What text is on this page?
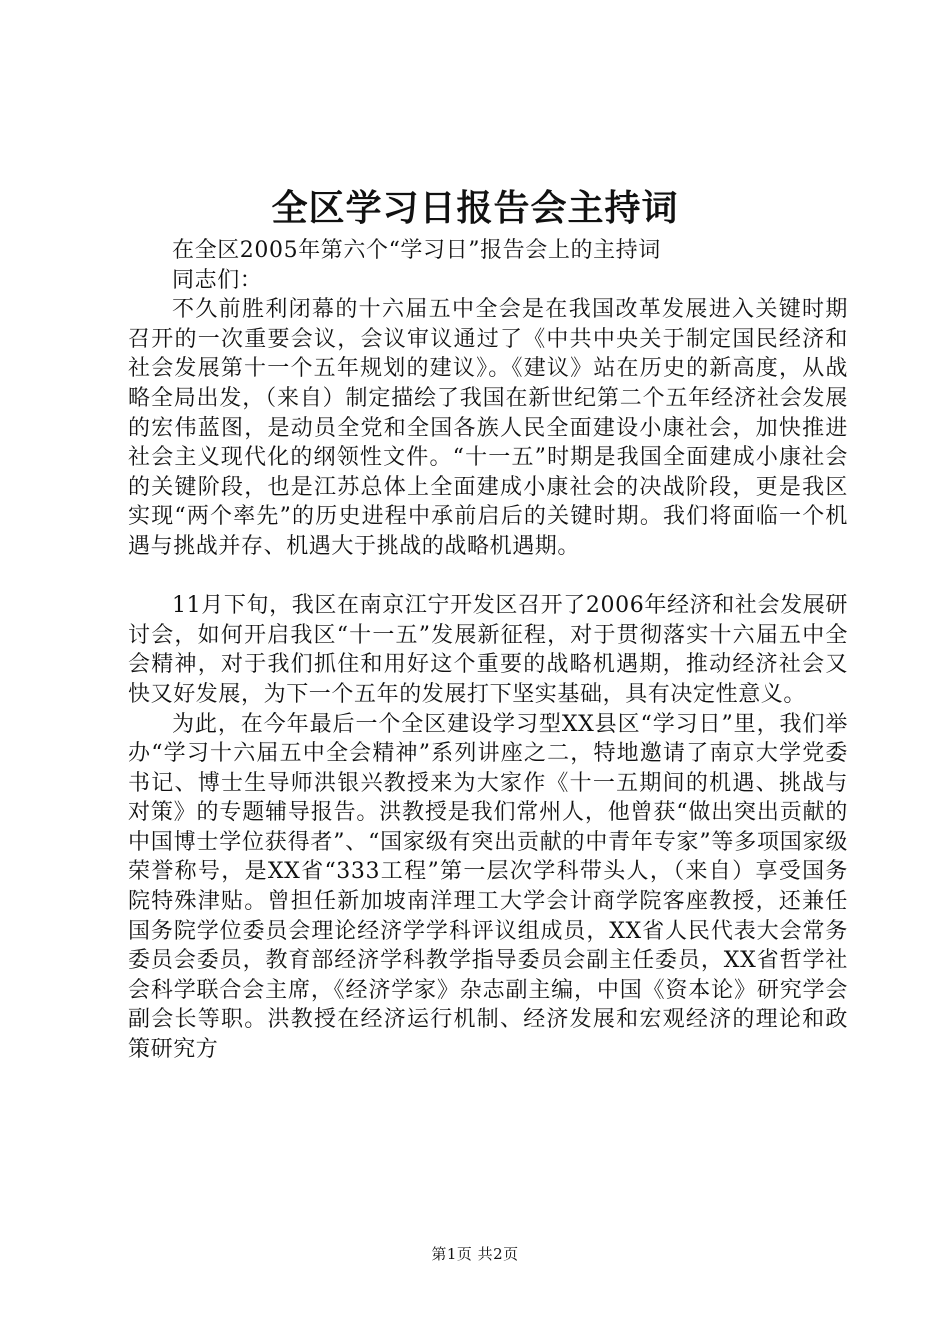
全区学习日报告会主持词

在全区2005年第六个“学习日”报告会上的主持词

同志们：

不久前胜利闭幕的十六届五中全会是在我国改革发展进入关键时期召开的一次重要会议，会议审议通过了《中共中央关于制定国民经济和社会发展第十一个五年规划的建议》。《建议》站在历史的新高度，从战略全局出发，（来自）制定描绘了我国在新世纪第二个五年经济社会发展的宏伟蓝图，是动员全党和全国各族人民全面建设小康社会，加快推进社会主义现代化的纲领性文件。“十一五”时期是我国全面建成小康社会的关键阶段，也是江苏总体上全面建成小康社会的决战阶段，更是我区实现“两个率先”的历史进程中承前启后的关键时期。我们将面临一个机遇与挑战并存、机遇大于挑战的战略机遇期。

11月下旬，我区在南京江宁开发区召开了2006年经济和社会发展研讨会，如何开启我区“十一五”发展新征程，对于贯彻落实十六届五中全会精神，对于我们抓住和用好这个重要的战略机遇期，推动经济社会又快又好发展，为下一个五年的发展打下坚实基础，具有决定性意义。

为此，在今年最后一个全区建设学习型XX县区“学习日”里，我们举办“学习十六届五中全会精神”系列讲座之二，特地邀请了南京大学党委书记、博士生导师洪银兴教授来为大家作《十一五期间的机遇、挑战与对策》的专题辅导报告。洪教授是我们常州人，他曾获“做出突出贡献的中国博士学位获得者”、“国家级有突出贡献的中青年专家”等多项国家级荣誉称号，是XX省“333工程”第一层次学科带头人，（来自）享受国务院特殊津贴。曾担任新加坡南洋理工大学会计商学院客座教授，还兼任国务院学位委员会理论经济学学科评议组成员，XX省人民代表大会常务委员会委员，教育部经济学科教学指导委员会副主任委员，XX省哲学社会科学联合会主席，《经济学家》杂志副主编，中国《资本论》研究学会副会长等职。洪教授在经济运行机制、经济发展和宏观经济的理论和政策研究方

第1页 共2页
